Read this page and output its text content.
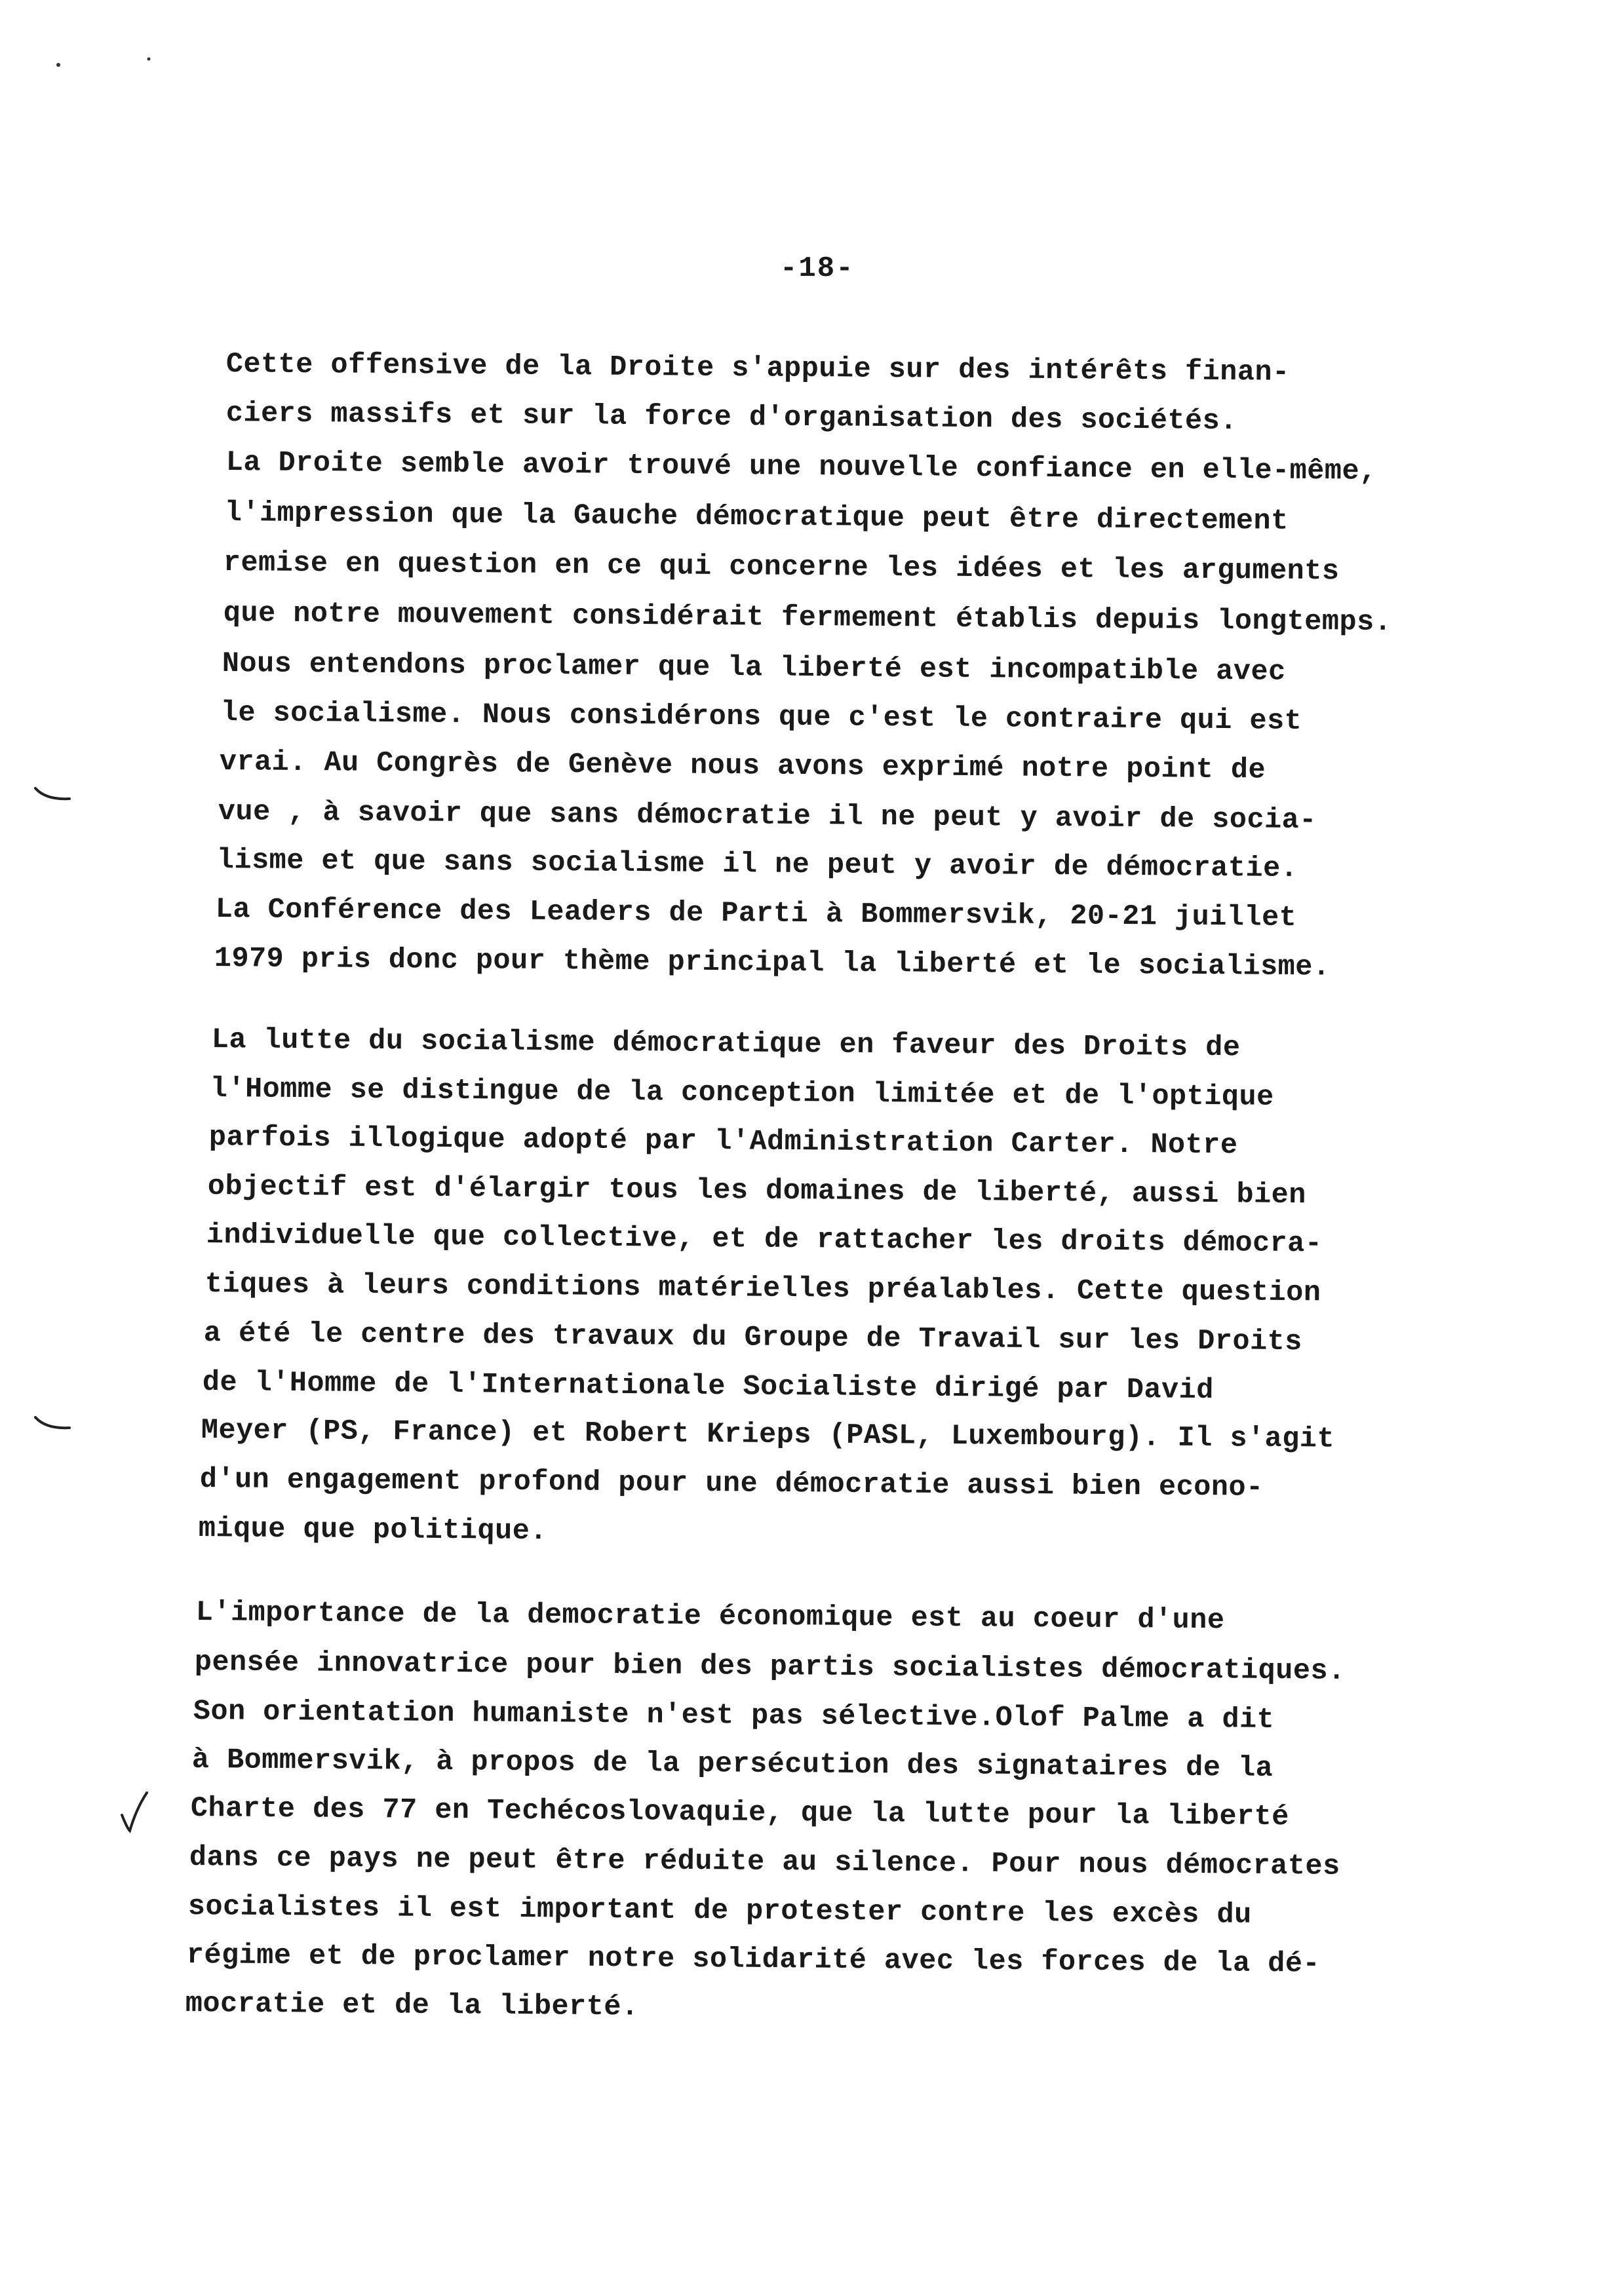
-18-
Cette offensive de la Droite s'appuie sur des intérêts finan-
ciers massifs et sur la force d'organisation des sociétés.
La Droite semble avoir trouvé une nouvelle confiance en elle-même,
l'impression que la Gauche démocratique peut être directement
remise en question en ce qui concerne les idées et les arguments
que notre mouvement considérait fermement établis depuis longtemps.
Nous entendons proclamer que la liberté est incompatible avec
le socialisme. Nous considérons que c'est le contraire qui est
vrai. Au Congrès de Genève nous avons exprimé notre point de
vue , à savoir que sans démocratie il ne peut y avoir de socia-
lisme et que sans socialisme il ne peut y avoir de démocratie.
La Conférence des Leaders de Parti à Bommersvik, 20-21 juillet
1979 pris donc pour thème principal la liberté et le socialisme.
La lutte du socialisme démocratique en faveur des Droits de
l'Homme se distingue de la conception limitée et de l'optique
parfois illogique adopté par l'Administration Carter. Notre
objectif est d'élargir tous les domaines de liberté, aussi bien
individuelle que collective, et de rattacher les droits démocra-
tiques à leurs conditions matérielles préalables. Cette question
a été le centre des travaux du Groupe de Travail sur les Droits
de l'Homme de l'Internationale Socialiste dirigé par David
Meyer (PS, France) et Robert Krieps (PASL, Luxembourg). Il s'agit
d'un engagement profond pour une démocratie aussi bien econo-
mique que politique.
L'importance de la democratie économique est au coeur d'une
pensée innovatrice pour bien des partis socialistes démocratiques.
Son orientation humaniste n'est pas sélective.Olof Palme a dit
à Bommersvik, à propos de la persécution des signataires de la
Charte des 77 en Techécoslovaquie, que la lutte pour la liberté
dans ce pays ne peut être réduite au silence. Pour nous démocrates
socialistes il est important de protester contre les excès du
régime et de proclamer notre solidarité avec les forces de la dé-
mocratie et de la liberté.
